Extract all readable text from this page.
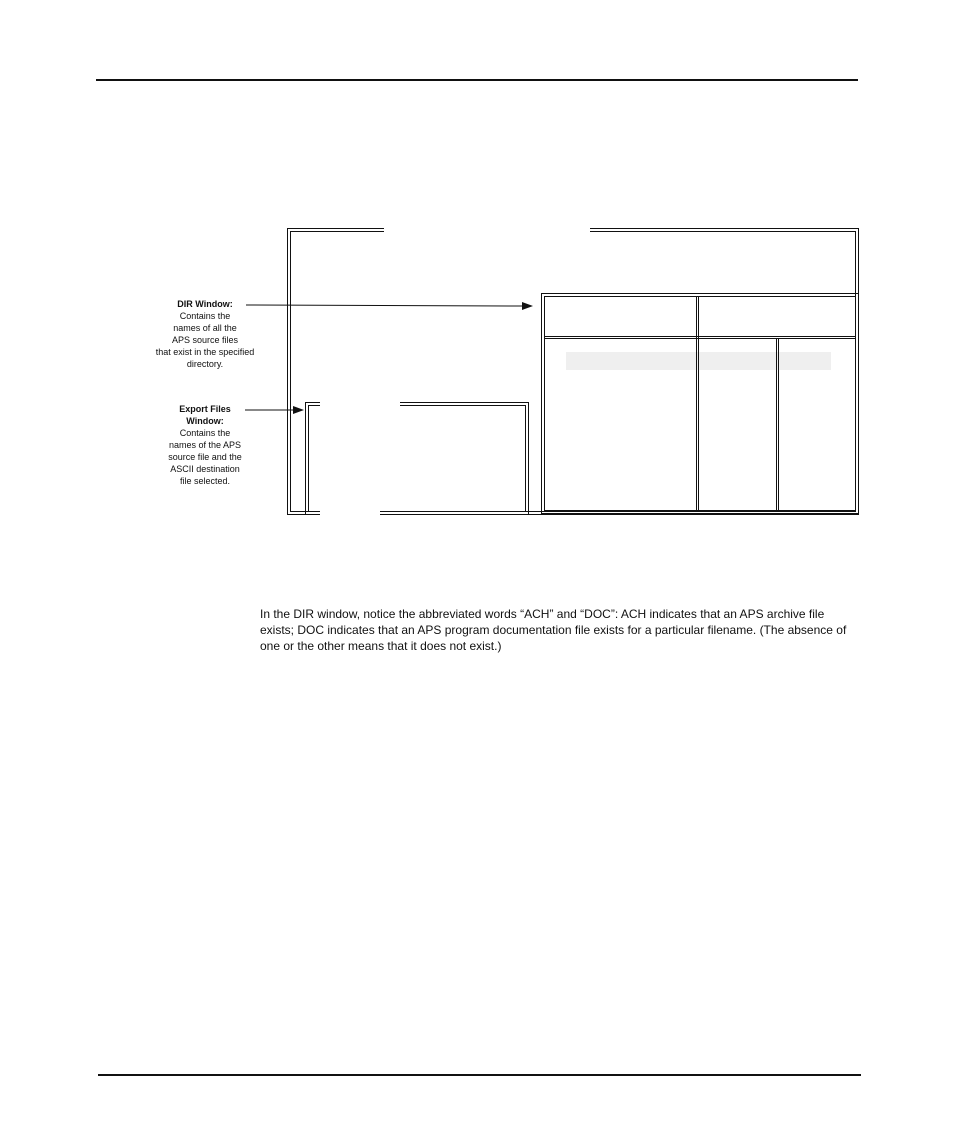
DIR Window:
Contains the
names of all the
APS source files
that exist in the specified
directory.
Export Files
Window:
Contains the
names of the APS
source file and the
ASCII destination
file selected.

In the DIR window, notice the abbreviated words “ACH” and “DOC”: ACH indicates that an APS archive file exists; DOC indicates that an APS program documentation file exists for a particular filename. (The absence of one or the other means that it does not exist.)
